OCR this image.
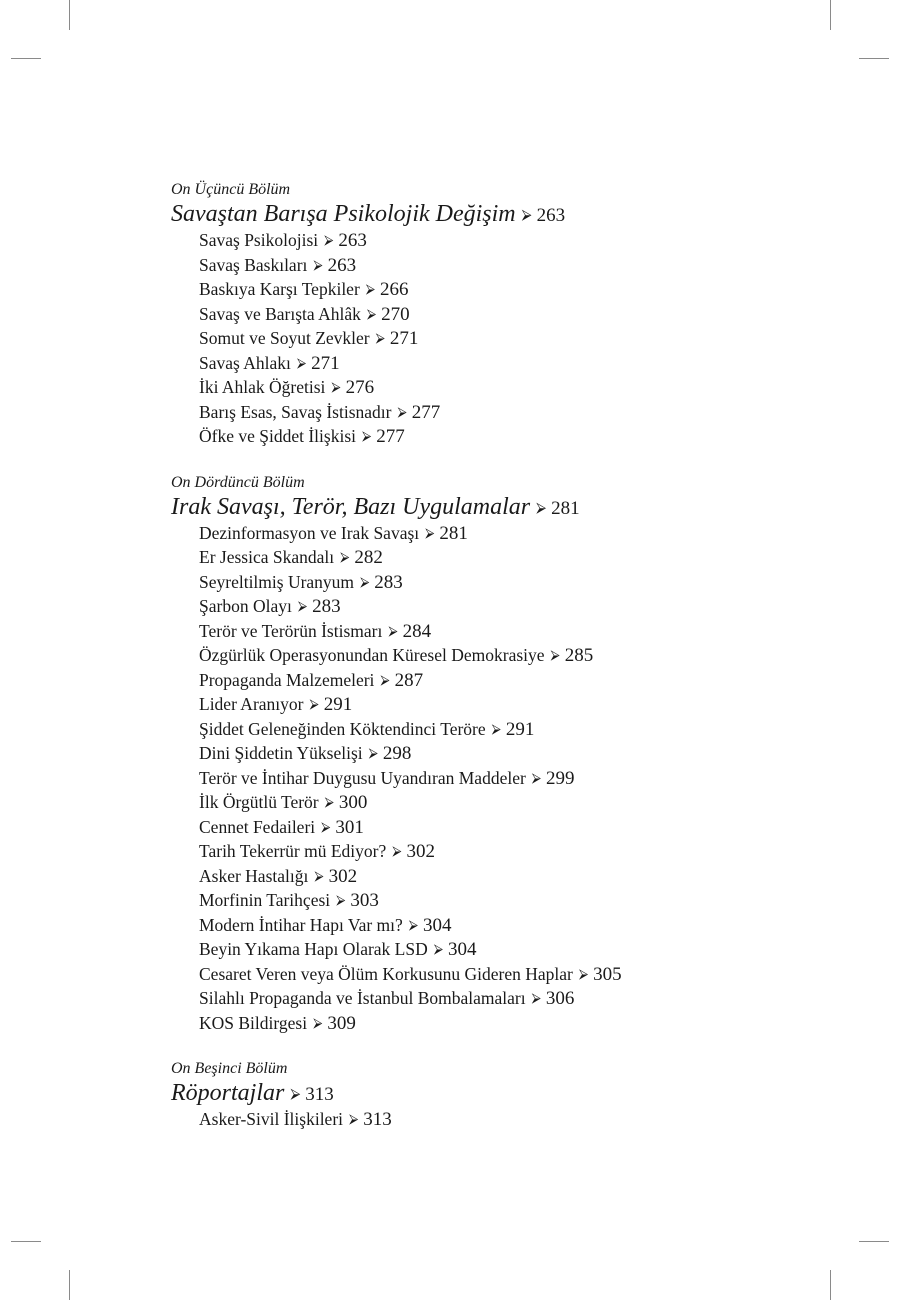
On Üçüncü Bölüm
Savaştan Barışa Psikolojik Değişim ⮚ 263
Savaş Psikolojisi ⮚ 263
Savaş Baskıları ⮚ 263
Baskıya Karşı Tepkiler ⮚ 266
Savaş ve Barışta Ahlâk ⮚ 270
Somut ve Soyut Zevkler ⮚ 271
Savaş Ahlakı ⮚ 271
İki Ahlak Öğretisi ⮚ 276
Barış Esas, Savaş İstisnadır ⮚ 277
Öfke ve Şiddet İlişkisi ⮚ 277
On Dördüncü Bölüm
Irak Savaşı, Terör, Bazı Uygulamalar ⮚ 281
Dezinformasyon ve Irak Savaşı ⮚ 281
Er Jessica Skandalı ⮚ 282
Seyreltilmiş Uranyum ⮚ 283
Şarbon Olayı ⮚ 283
Terör ve Terörün İstismarı ⮚ 284
Özgürlük Operasyonundan Küresel Demokrasiye ⮚ 285
Propaganda Malzemeleri ⮚ 287
Lider Aranıyor ⮚ 291
Şiddet Geleneğinden Köktendinci Teröre ⮚ 291
Dini Şiddetin Yükselişi ⮚ 298
Terör ve İntihar Duygusu Uyandıran Maddeler ⮚ 299
İlk Örgütlü Terör ⮚ 300
Cennet Fedaileri ⮚ 301
Tarih Tekerrür mü Ediyor? ⮚ 302
Asker Hastalığı ⮚ 302
Morfinin Tarihçesi ⮚ 303
Modern İntihar Hapı Var mı? ⮚ 304
Beyin Yıkama Hapı Olarak LSD ⮚ 304
Cesaret Veren veya Ölüm Korkusunu Gideren Haplar ⮚ 305
Silahlı Propaganda ve İstanbul Bombalamaları ⮚ 306
KOS Bildirgesi ⮚ 309
On Beşinci Bölüm
Röportajlar ⮚ 313
Asker-Sivil İlişkileri ⮚ 313
